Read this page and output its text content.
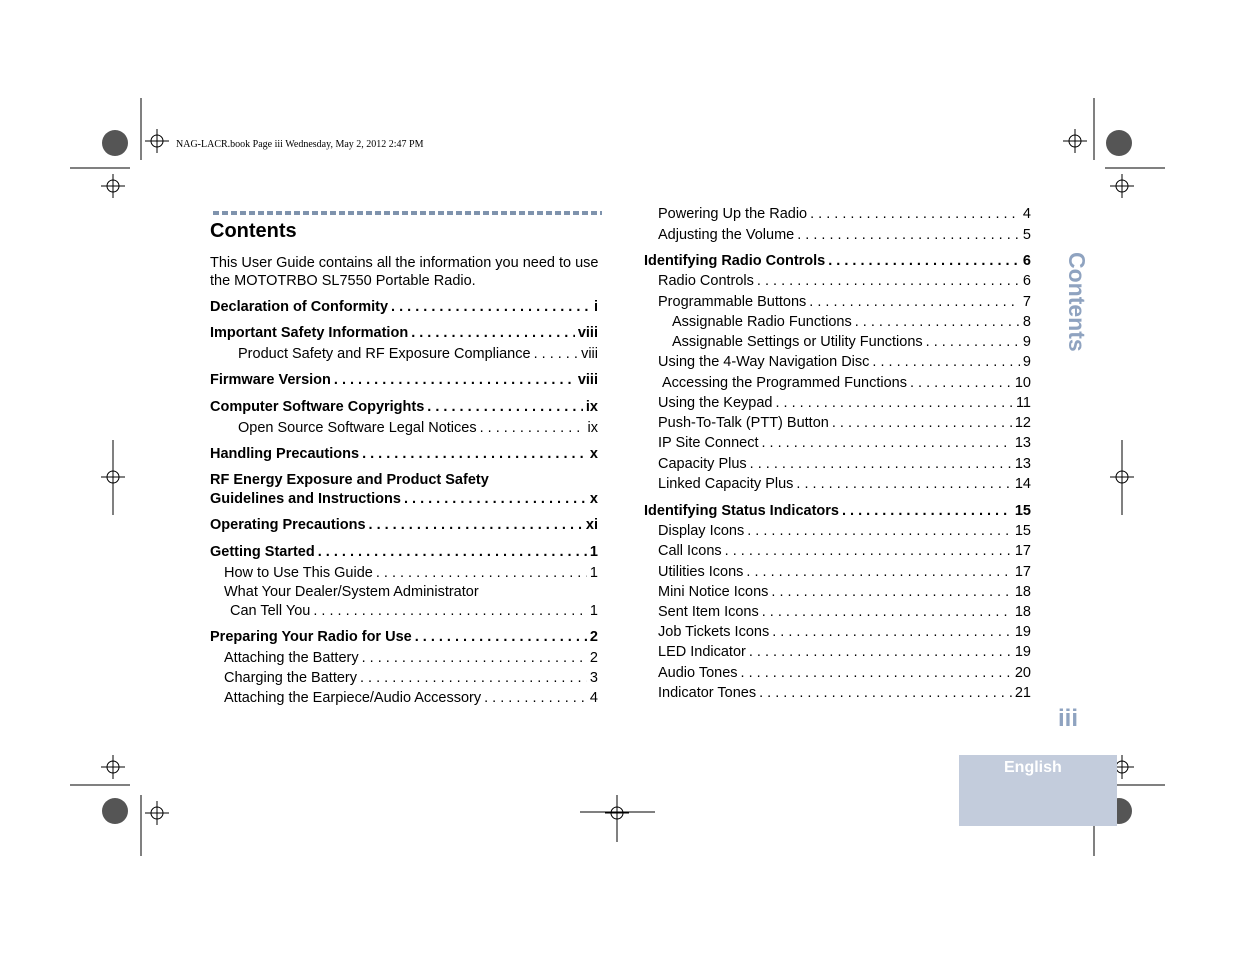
NAG-LACR.book Page iii Wednesday, May 2, 2012 2:47 PM
Contents
This User Guide contains all the information you need to use the MOTOTRBO SL7550 Portable Radio.
Declaration of Conformity . . .	i
Important Safety Information . . .	viii
Product Safety and RF Exposure Compliance . . .	viii
Firmware Version . . .	viii
Computer Software Copyrights . . .	ix
Open Source Software Legal Notices . . .	ix
Handling Precautions . . .	x
RF Energy Exposure and Product Safety
Guidelines and Instructions . . .	x
Operating Precautions . . .	xi
Getting Started . . .	1
How to Use This Guide . . .	1
What Your Dealer/System Administrator
Can Tell You . . .	1
Preparing Your Radio for Use . . .	2
Attaching the Battery . . .	2
Charging the Battery . . .	3
Attaching the Earpiece/Audio Accessory . . .	4
Powering Up the Radio . . .	4
Adjusting the Volume . . .	5
Identifying Radio Controls . . .	6
Radio Controls . . .	6
Programmable Buttons . . .	7
Assignable Radio Functions . . .	8
Assignable Settings or Utility Functions . . .	9
Using the 4-Way Navigation Disc . . .	9
Accessing the Programmed Functions . . .	10
Using the Keypad . . .	11
Push-To-Talk (PTT) Button . . .	12
IP Site Connect . . .	13
Capacity Plus . . .	13
Linked Capacity Plus . . .	14
Identifying Status Indicators . . .	15
Display Icons . . .	15
Call Icons . . .	17
Utilities Icons . . .	17
Mini Notice Icons . . .	18
Sent Item Icons . . .	18
Job Tickets Icons . . .	19
LED Indicator . . .	19
Audio Tones . . .	20
Indicator Tones . . .	21
Contents
iii
English
